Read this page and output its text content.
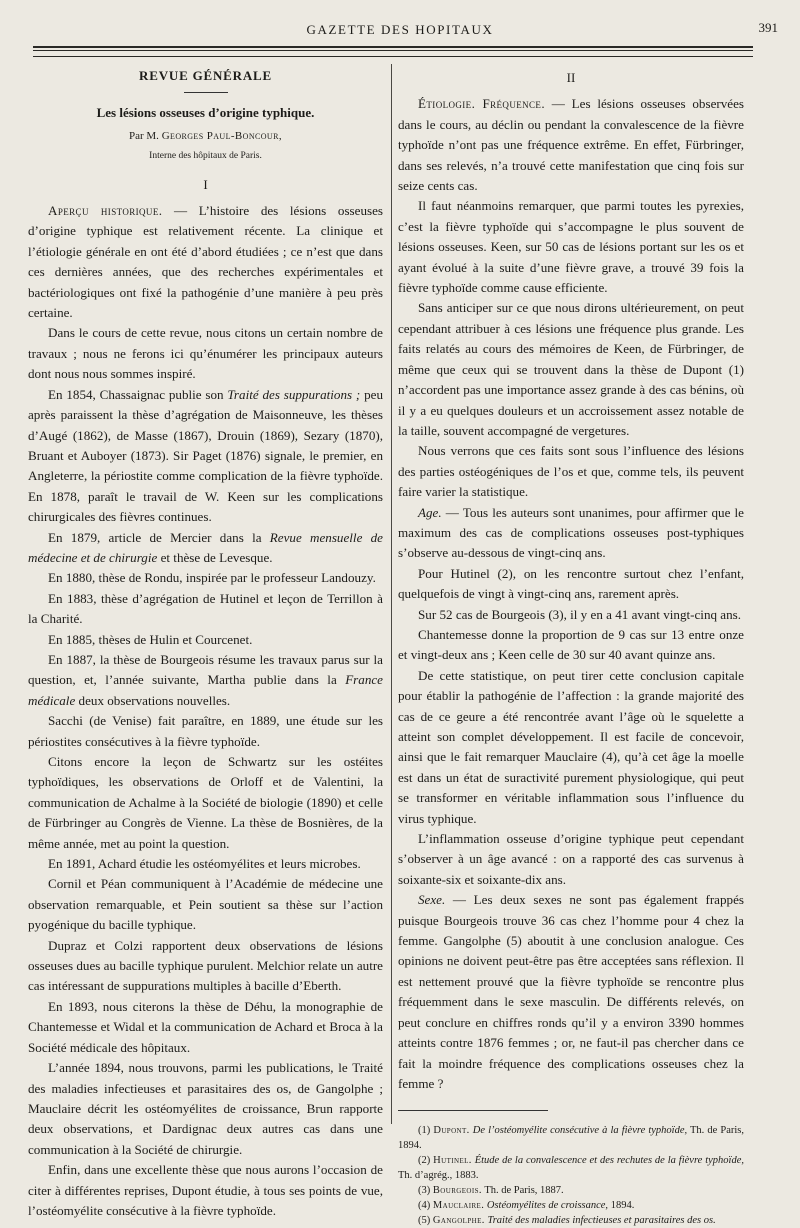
GAZETTE DES HOPITAUX	391
REVUE GÉNÉRALE
Les lésions osseuses d’origine typhique.
Par M. Georges Paul-Boncour,
Interne des hôpitaux de Paris.
I

Aperçu historique. — L’histoire des lésions osseuses d’origine typhique est relativement récente. La clinique et l’étiologie générale en ont été d’abord étudiées ; ce n’est que dans ces dernières années, que des recherches expérimentales et bactériologiques ont fixé la pathogénie d’une manière à peu près certaine.

Dans le cours de cette revue, nous citons un certain nombre de travaux ; nous ne ferons ici qu’énumérer les principaux auteurs dont nous nous sommes inspiré.

En 1854, Chassaignac publie son Traité des suppurations ; peu après paraissent la thèse d’agrégation de Maisonneuve, les thèses d’Augé (1862), de Masse (1867), Drouin (1869), Sezary (1870), Bruant et Auboyer (1873). Sir Paget (1876) signale, le premier, en Angleterre, la périostite comme complication de la fièvre typhoïde. En 1878, paraît le travail de W. Keen sur les complications chirurgicales des fièvres continues.

En 1879, article de Mercier dans la Revue mensuelle de médecine et de chirurgie et thèse de Levesque.

En 1880, thèse de Rondu, inspirée par le professeur Landouzy.

En 1883, thèse d’agrégation de Hutinel et leçon de Terrillon à la Charité.

En 1885, thèses de Hulin et Courcenet.

En 1887, la thèse de Bourgeois résume les travaux parus sur la question, et, l’année suivante, Martha publie dans la France médicale deux observations nouvelles.

Sacchi (de Venise) fait paraître, en 1889, une étude sur les périostites consécutives à la fièvre typhoïde.

Citons encore la leçon de Schwartz sur les ostéites typhoïdiques, les observations de Orloff et de Valentini, la communication de Achalme à la Société de biologie (1890) et celle de Fürbringer au Congrès de Vienne. La thèse de Bosnières, de la même année, met au point la question.

En 1891, Achard étudie les ostéomyélites et leurs microbes.

Cornil et Péan communiquent à l’Académie de médecine une observation remarquable, et Pein soutient sa thèse sur l’action pyogénique du bacille typhique.

Dupraz et Colzi rapportent deux observations de lésions osseuses dues au bacille typhique purulent. Melchior relate un autre cas intéressant de suppurations multiples à bacille d’Eberth.

En 1893, nous citerons la thèse de Déhu, la monographie de Chantemesse et Widal et la communication de Achard et Broca à la Société médicale des hôpitaux.

L’année 1894, nous trouvons, parmi les publications, le Traité des maladies infectieuses et parasitaires des os, de Gangolphe ; Mauclaire décrit les ostéomyélites de croissance, Brun rapporte deux observations, et Dardignac deux autres cas dans une communication à la Société de chirurgie.

Enfin, dans une excellente thèse que nous aurons l’occasion de citer à différentes reprises, Dupont étudie, à tous ses points de vue, l’ostéomyélite consécutive à la fièvre typhoïde.

II

Étiologie. Fréquence. — Les lésions osseuses observées dans le cours, au déclin ou pendant la convalescence de la fièvre typhoïde n’ont pas une fréquence extrême. En effet, Fürbringer, dans ses relevés, n’a trouvé cette manifestation que cinq fois sur seize cents cas.

Il faut néanmoins remarquer, que parmi toutes les pyrexies, c’est la fièvre typhoïde qui s’accompagne le plus souvent de lésions osseuses. Keen, sur 50 cas de lésions portant sur les os et ayant évolué à la suite d’une fièvre grave, a trouvé 39 fois la fièvre typhoïde comme cause efficiente.

Sans anticiper sur ce que nous dirons ultérieurement, on peut cependant attribuer à ces lésions une fréquence plus grande. Les faits relatés au cours des mémoires de Keen, de Fürbringer, de même que ceux qui se trouvent dans la thèse de Dupont (1) n’accordent pas une importance assez grande à des cas bénins, où il y a eu quelques douleurs et un accroissement assez notable de la taille, souvent accompagné de vergetures.

Nous verrons que ces faits sont sous l’influence des lésions des parties ostéogéniques de l’os et que, comme tels, ils peuvent faire varier la statistique.

Age. — Tous les auteurs sont unanimes, pour affirmer que le maximum des cas de complications osseuses post-typhiques s’observe au-dessous de vingt-cinq ans.

Pour Hutinel (2), on les rencontre surtout chez l’enfant, quelquefois de vingt à vingt-cinq ans, rarement après.

Sur 52 cas de Bourgeois (3), il y en a 41 avant vingt-cinq ans.

Chantemesse donne la proportion de 9 cas sur 13 entre onze et vingt-deux ans ; Keen celle de 30 sur 40 avant quinze ans.

De cette statistique, on peut tirer cette conclusion capitale pour établir la pathogénie de l’affection : la grande majorité des cas de ce geure a été rencontrée avant l’âge où le squelette a atteint son complet développement. Il est facile de concevoir, ainsi que le fait remarquer Mauclaire (4), qu’à cet âge la moelle est dans un état de suractivité purement physiologique, qui peut se transformer en véritable inflammation sous l’influence du virus typhique.

L’inflammation osseuse d’origine typhique peut cependant s’observer à un âge avancé : on a rapporté des cas survenus à soixante-six et soixante-dix ans.

Sexe. — Les deux sexes ne sont pas également frappés puisque Bourgeois trouve 36 cas chez l’homme pour 4 chez la femme. Gangolphe (5) aboutit à une conclusion analogue. Ces opinions ne doivent peut-être pas être acceptées sans réflexion. Il est nettement prouvé que la fièvre typhoïde se rencontre plus fréquemment dans le sexe masculin. De différents relevés, on peut conclure en chiffres ronds qu’il y a environ 3390 hommes atteints contre 1876 femmes ; or, ne faut-il pas chercher dans ce fait la moindre fréquence des complications osseuses chez la femme ?

(1) Dupont. De l’ostéomyélite consécutive à la fièvre typhoïde, Th. de Paris, 1894.

(2) Hutinel. Étude de la convalescence et des rechutes de la fièvre typhoïde, Th. d’agrég., 1883.

(3) Bourgeois. Th. de Paris, 1887.

(4) Mauclaire. Ostéomyélites de croissance, 1894.

(5) Gangolphe. Traité des maladies infectieuses et parasitaires des os.
